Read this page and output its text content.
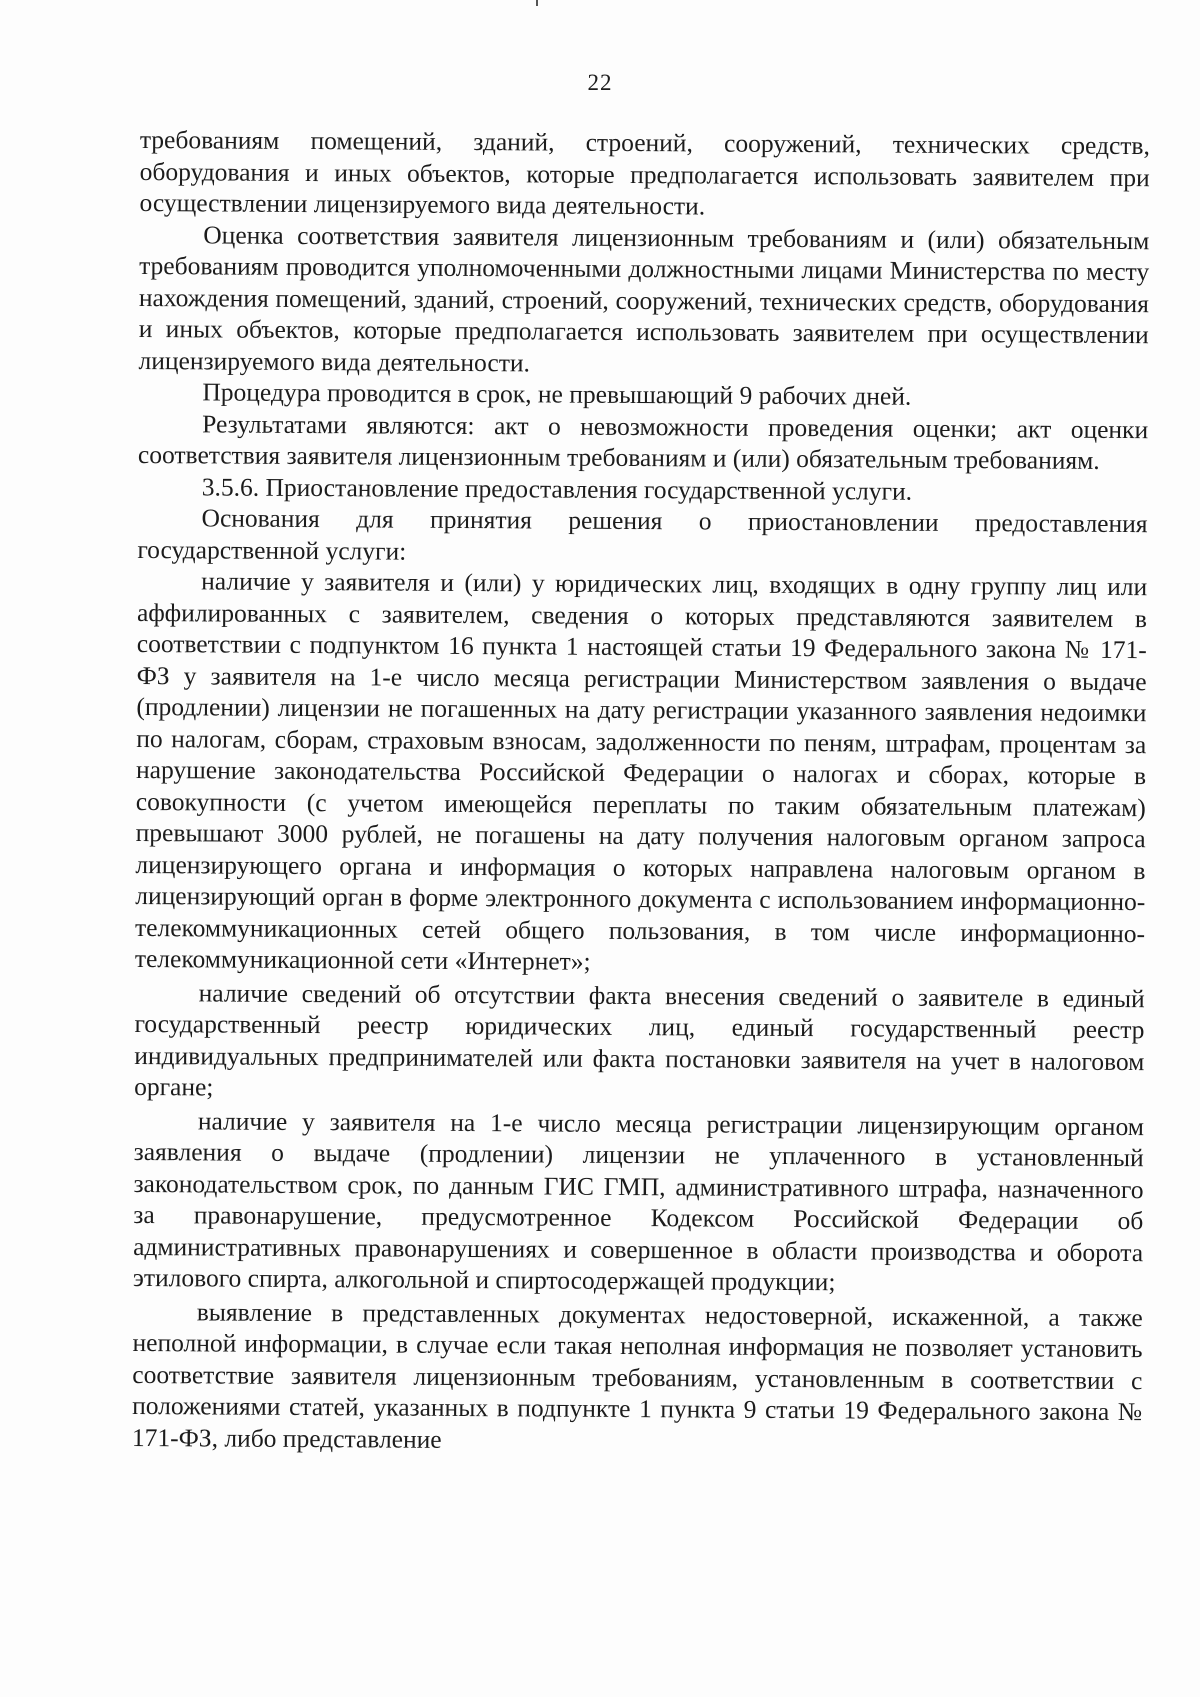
22

требованиям помещений, зданий, строений, сооружений, технических средств, оборудования и иных объектов, которые предполагается использовать заявителем при осуществлении лицензируемого вида деятельности.

Оценка соответствия заявителя лицензионным требованиям и (или) обязательным требованиям проводится уполномоченными должностными лицами Министерства по месту нахождения помещений, зданий, строений, сооружений, технических средств, оборудования и иных объектов, которые предполагается использовать заявителем при осуществлении лицензируемого вида деятельности.

Процедура проводится в срок, не превышающий 9 рабочих дней.

Результатами являются: акт о невозможности проведения оценки; акт оценки соответствия заявителя лицензионным требованиям и (или) обязательным требованиям.

3.5.6. Приостановление предоставления государственной услуги.

Основания для принятия решения о приостановлении предоставления государственной услуги:

наличие у заявителя и (или) у юридических лиц, входящих в одну группу лиц или аффилированных с заявителем, сведения о которых представляются заявителем в соответствии с подпунктом 16 пункта 1 настоящей статьи 19 Федерального закона № 171-ФЗ у заявителя на 1-е число месяца регистрации Министерством заявления о выдаче (продлении) лицензии не погашенных на дату регистрации указанного заявления недоимки по налогам, сборам, страховым взносам, задолженности по пеням, штрафам, процентам за нарушение законодательства Российской Федерации о налогах и сборах, которые в совокупности (с учетом имеющейся переплаты по таким обязательным платежам) превышают 3000 рублей, не погашены на дату получения налоговым органом запроса лицензирующего органа и информация о которых направлена налоговым органом в лицензирующий орган в форме электронного документа с использованием информационно-телекоммуникационных сетей общего пользования, в том числе информационно-телекоммуникационной сети «Интернет»;

наличие сведений об отсутствии факта внесения сведений о заявителе в единый государственный реестр юридических лиц, единый государственный реестр индивидуальных предпринимателей или факта постановки заявителя на учет в налоговом органе;

наличие у заявителя на 1-е число месяца регистрации лицензирующим органом заявления о выдаче (продлении) лицензии не уплаченного в установленный законодательством срок, по данным ГИС ГМП, административного штрафа, назначенного за правонарушение, предусмотренное Кодексом Российской Федерации об административных правонарушениях и совершенное в области производства и оборота этилового спирта, алкогольной и спиртосодержащей продукции;

выявление в представленных документах недостоверной, искаженной, а также неполной информации, в случае если такая неполная информация не позволяет установить соответствие заявителя лицензионным требованиям, установленным в соответствии с положениями статей, указанных в подпункте 1 пункта 9 статьи 19 Федерального закона № 171-ФЗ, либо представление
